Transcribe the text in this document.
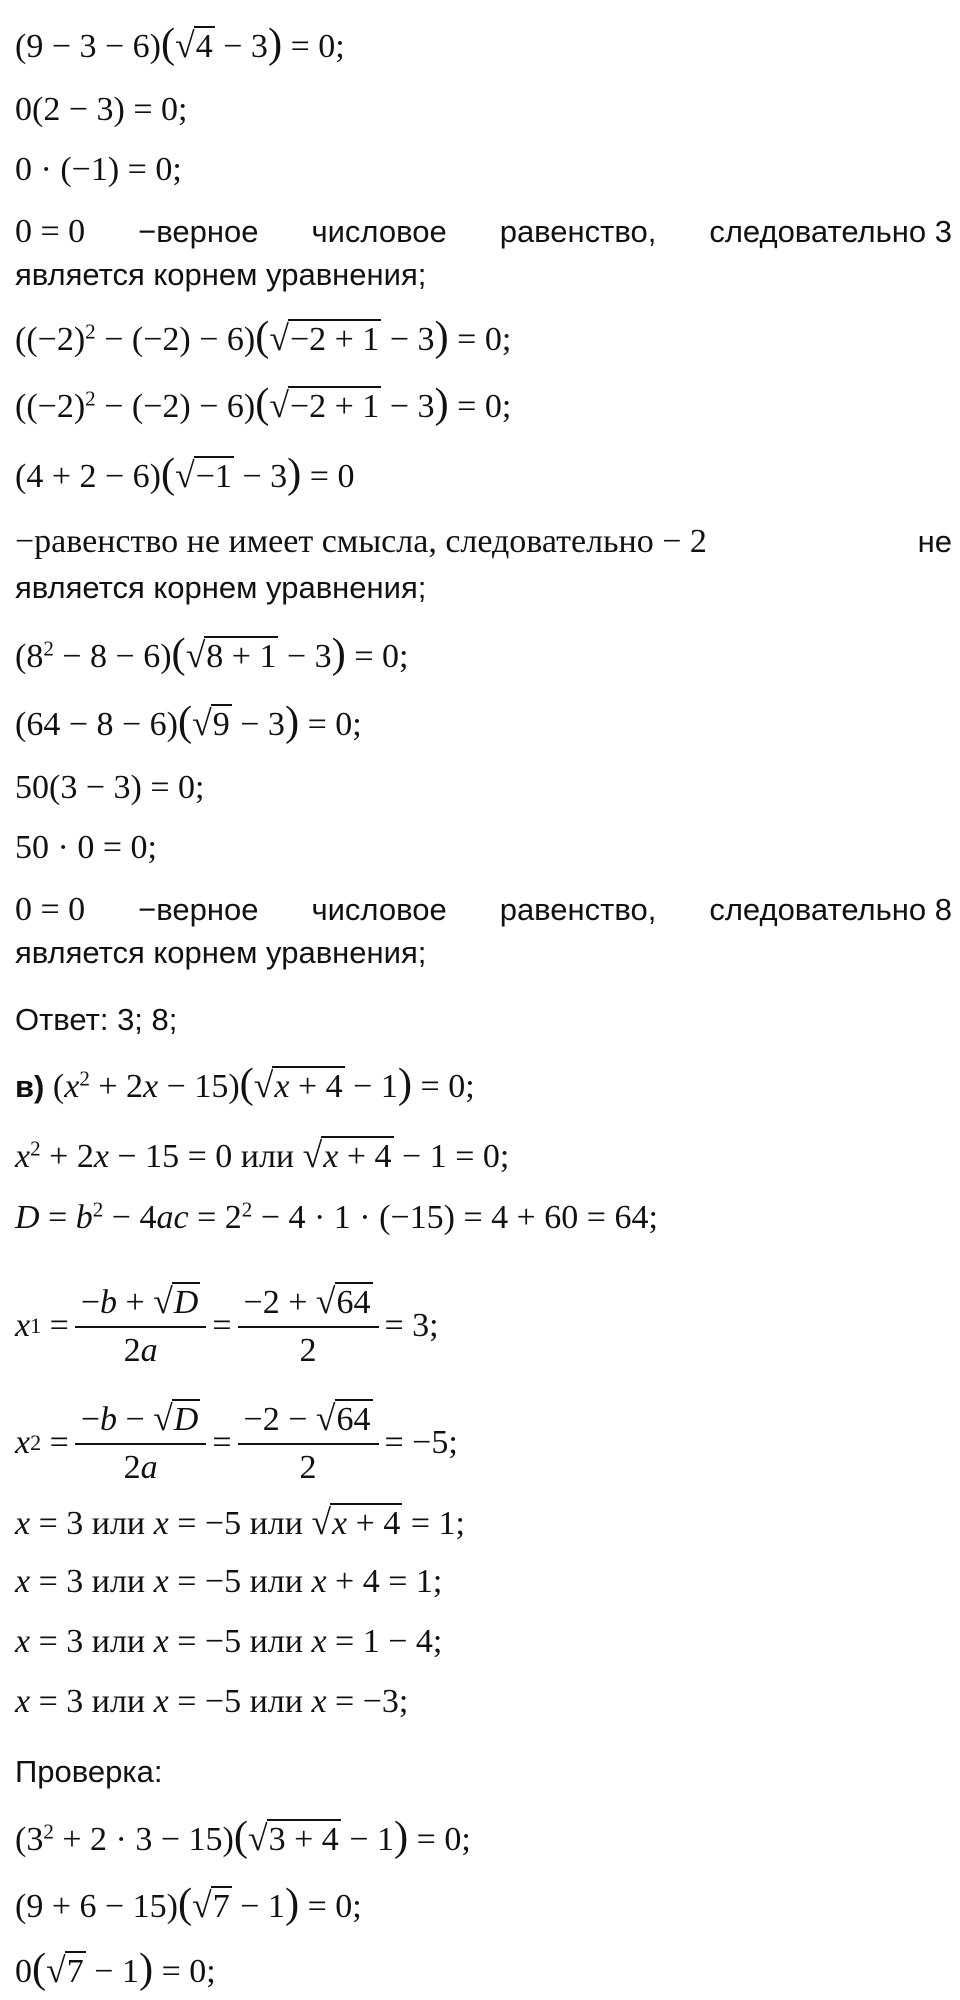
(9 − 3 − 6)(√4 − 3) = 0;
0(2 − 3) = 0;
0 · (−1) = 0;
0 = 0 −верное числовое равенство, следовательно 3
является корнем уравнения;
$((-2)^2 - (-2) - 6)(√-2 + 1 - 3) = 0$;
$((-2)^2 - (-2) - 6)(√-2 + 1 - 3) = 0$;
(4 + 2 − 6)(√−1 − 3) = 0
−равенство не имеет смысла, следовательно − 2	не
является корнем уравнения;
$(8^2 - 8 - 6)(√8 + 1 - 3) = 0$;
(64 − 8 − 6)(√9 − 3) = 0;
50(3 − 3) = 0;
50 · 0 = 0;
0 = 0 −верное числовое равенство, следовательно 8
является корнем уравнения;
Ответ: 3; 8;
в) $(x^2 + 2x - 15)(√x + 4 - 1) = 0$;
$x^2 + 2x - 15 = 0$ или √x + 4 − 1 = 0;
$D = b^2 - 4ac = 2^2 - 4 \cdot 1 \cdot (-15) = 4 + 60 = 64$;
x $1 = \frac{-b + √D}{2a} = \frac{-2 + √64}{2} = 3$;
x $2 = \frac{-b - √D}{2a} = \frac{-2 - √64}{2} = -5$;
x = 3 или x = −5 или √x + 4 = 1;
x = 3 или x = −5 или x + 4 = 1;
x = 3 или x = −5 или x = 1 − 4;
x = 3 или x = −5 или x = −3;
Проверка:
$(3^2 + 2 \cdot 3 - 15)(√3 + 4 - 1) = 0$;
(9 + 6 − 15)(√7 − 1) = 0;
0(√7 − 1) = 0;
